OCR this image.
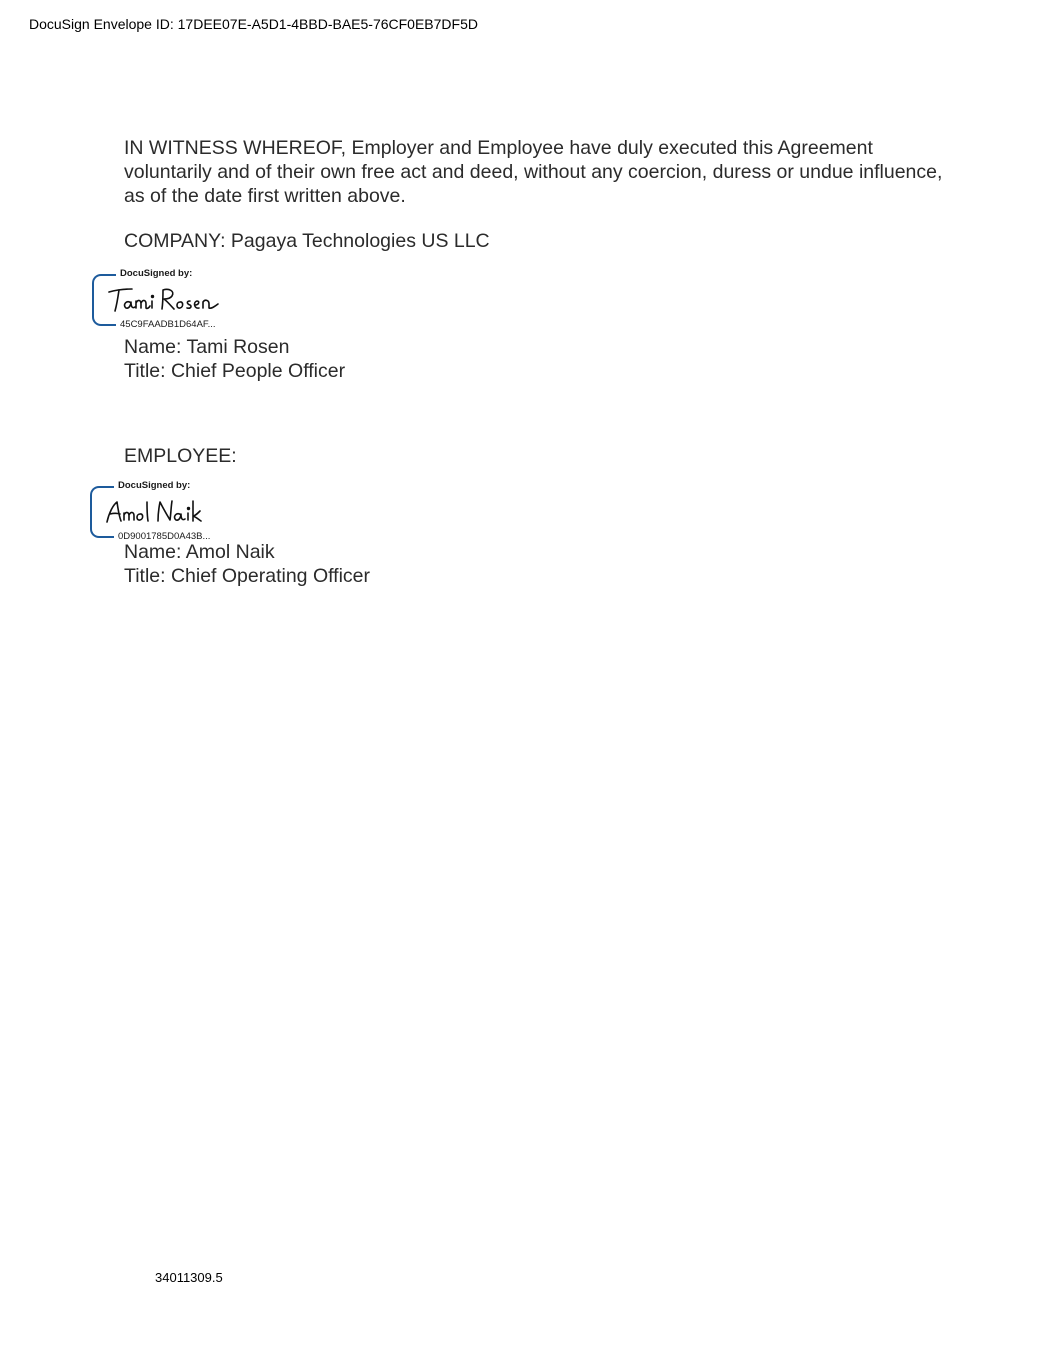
DocuSign Envelope ID: 17DEE07E-A5D1-4BBD-BAE5-76CF0EB7DF5D
IN WITNESS WHEREOF, Employer and Employee have duly executed this Agreement
voluntarily and of their own free act and deed, without any coercion, duress or undue influence,
as of the date first written above.
COMPANY: Pagaya Technologies US LLC
DocuSigned by:
45C9FAADB1D64AF...
Name: Tami Rosen
Title: Chief People Officer
EMPLOYEE:
DocuSigned by:
0D9001785D0A43B...
Name: Amol Naik
Title: Chief Operating Officer
34011309.5
